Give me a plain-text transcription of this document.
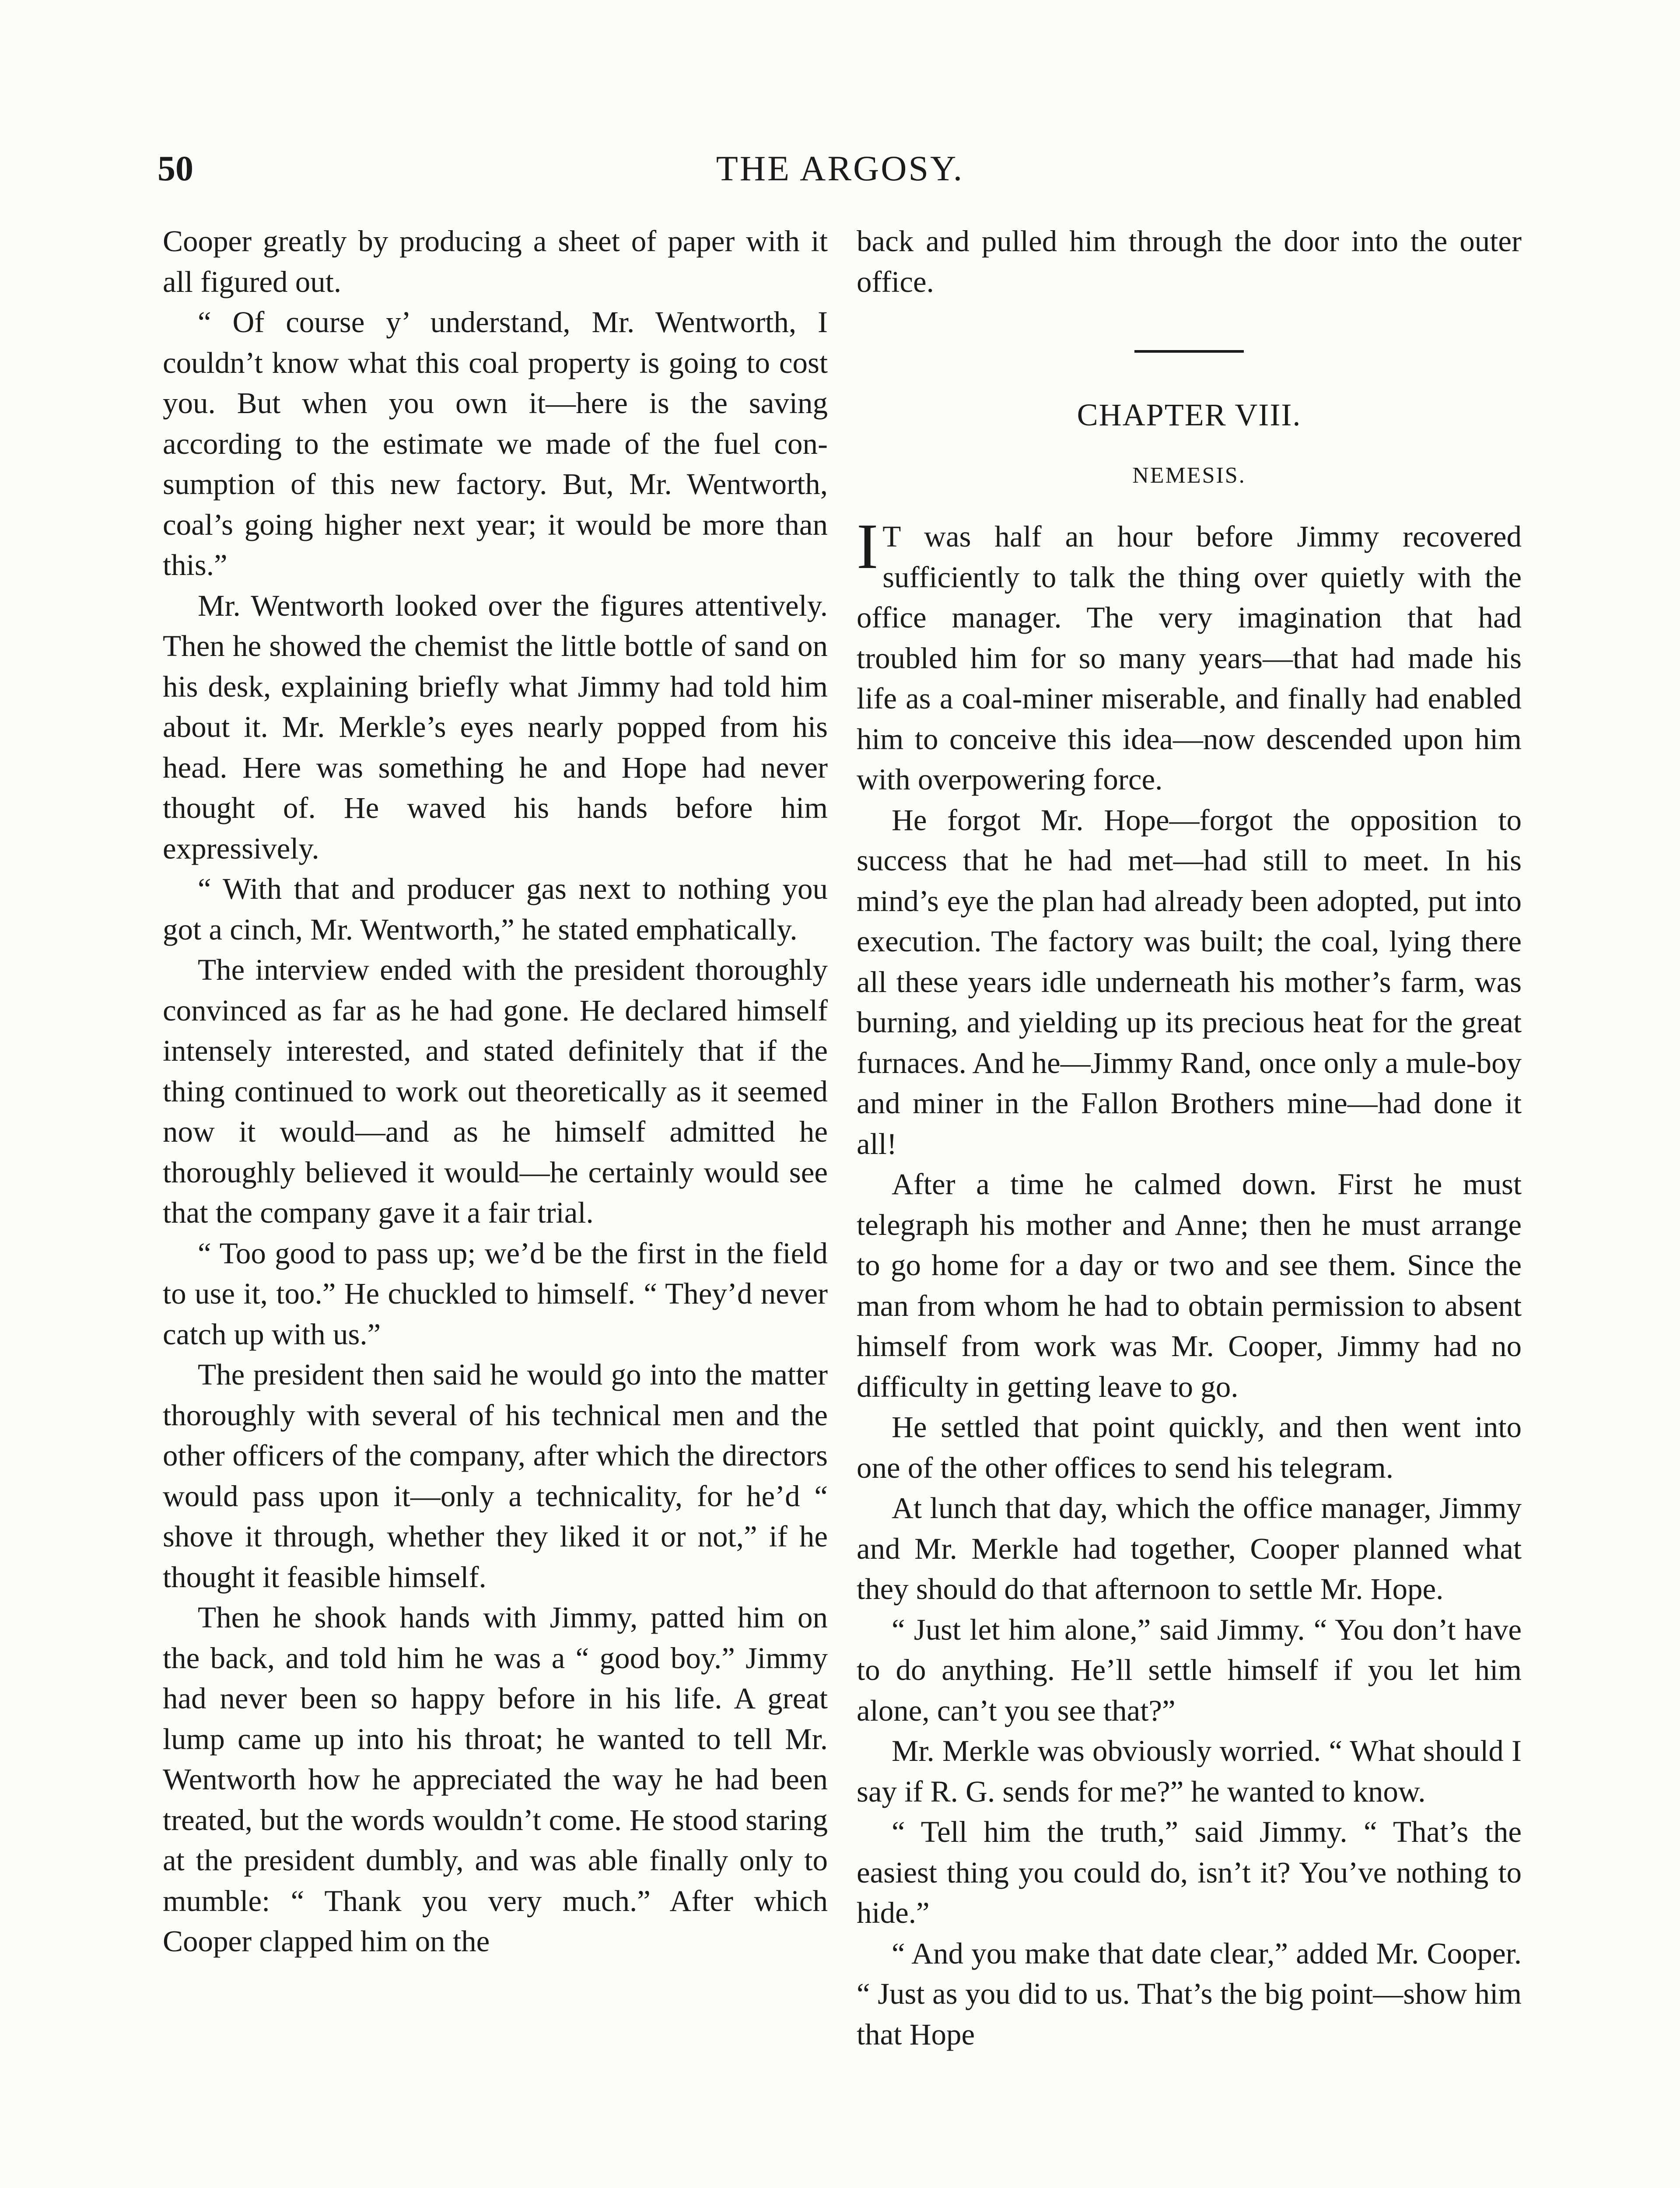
50	THE ARGOSY.

Cooper greatly by producing a sheet of paper with it all figured out.

“ Of course y’ understand, Mr. Wentworth, I couldn’t know what this coal property is going to cost you. But when you own it—here is the saving according to the estimate we made of the fuel consumption of this new factory. But, Mr. Wentworth, coal’s going higher next year; it would be more than this.”

Mr. Wentworth looked over the figures attentively. Then he showed the chemist the little bottle of sand on his desk, explaining briefly what Jimmy had told him about it. Mr. Merkle’s eyes nearly popped from his head. Here was something he and Hope had never thought of. He waved his hands before him expressively.

“ With that and producer gas next to nothing you got a cinch, Mr. Wentworth,” he stated emphatically.

The interview ended with the president thoroughly convinced as far as he had gone. He declared himself intensely interested, and stated definitely that if the thing continued to work out theoretically as it seemed now it would—and as he himself admitted he thoroughly believed it would—he certainly would see that the company gave it a fair trial.

“ Too good to pass up; we’d be the first in the field to use it, too.” He chuckled to himself. “ They’d never catch up with us.”

The president then said he would go into the matter thoroughly with several of his technical men and the other officers of the company, after which the directors would pass upon it—only a technicality, for he’d “ shove it through, whether they liked it or not,” if he thought it feasible himself.

Then he shook hands with Jimmy, patted him on the back, and told him he was a “ good boy.” Jimmy had never been so happy before in his life. A great lump came up into his throat; he wanted to tell Mr. Wentworth how he appreciated the way he had been treated, but the words wouldn’t come. He stood staring at the president dumbly, and was able finally only to mumble: “ Thank you very much.” After which Cooper clapped him on the

back and pulled him through the door into the outer office.

CHAPTER VIII.
NEMESIS.

I T was half an hour before Jimmy recovered sufficiently to talk the thing over quietly with the office manager. The very imagination that had troubled him for so many years—that had made his life as a coal-miner miserable, and finally had enabled him to conceive this idea—now descended upon him with overpowering force.

He forgot Mr. Hope—forgot the opposition to success that he had met—had still to meet. In his mind’s eye the plan had already been adopted, put into execution. The factory was built; the coal, lying there all these years idle underneath his mother’s farm, was burning, and yielding up its precious heat for the great furnaces. And he—Jimmy Rand, once only a mule-boy and miner in the Fallon Brothers mine—had done it all!

After a time he calmed down. First he must telegraph his mother and Anne; then he must arrange to go home for a day or two and see them. Since the man from whom he had to obtain permission to absent himself from work was Mr. Cooper, Jimmy had no difficulty in getting leave to go.

He settled that point quickly, and then went into one of the other offices to send his telegram.

At lunch that day, which the office manager, Jimmy and Mr. Merkle had together, Cooper planned what they should do that afternoon to settle Mr. Hope.

“ Just let him alone,” said Jimmy. “ You don’t have to do anything. He’ll settle himself if you let him alone, can’t you see that?”

Mr. Merkle was obviously worried. “ What should I say if R. G. sends for me?” he wanted to know.

“ Tell him the truth,” said Jimmy. “ That’s the easiest thing you could do, isn’t it? You’ve nothing to hide.”

“ And you make that date clear,” added Mr. Cooper. “ Just as you did to us. That’s the big point—show him that Hope
